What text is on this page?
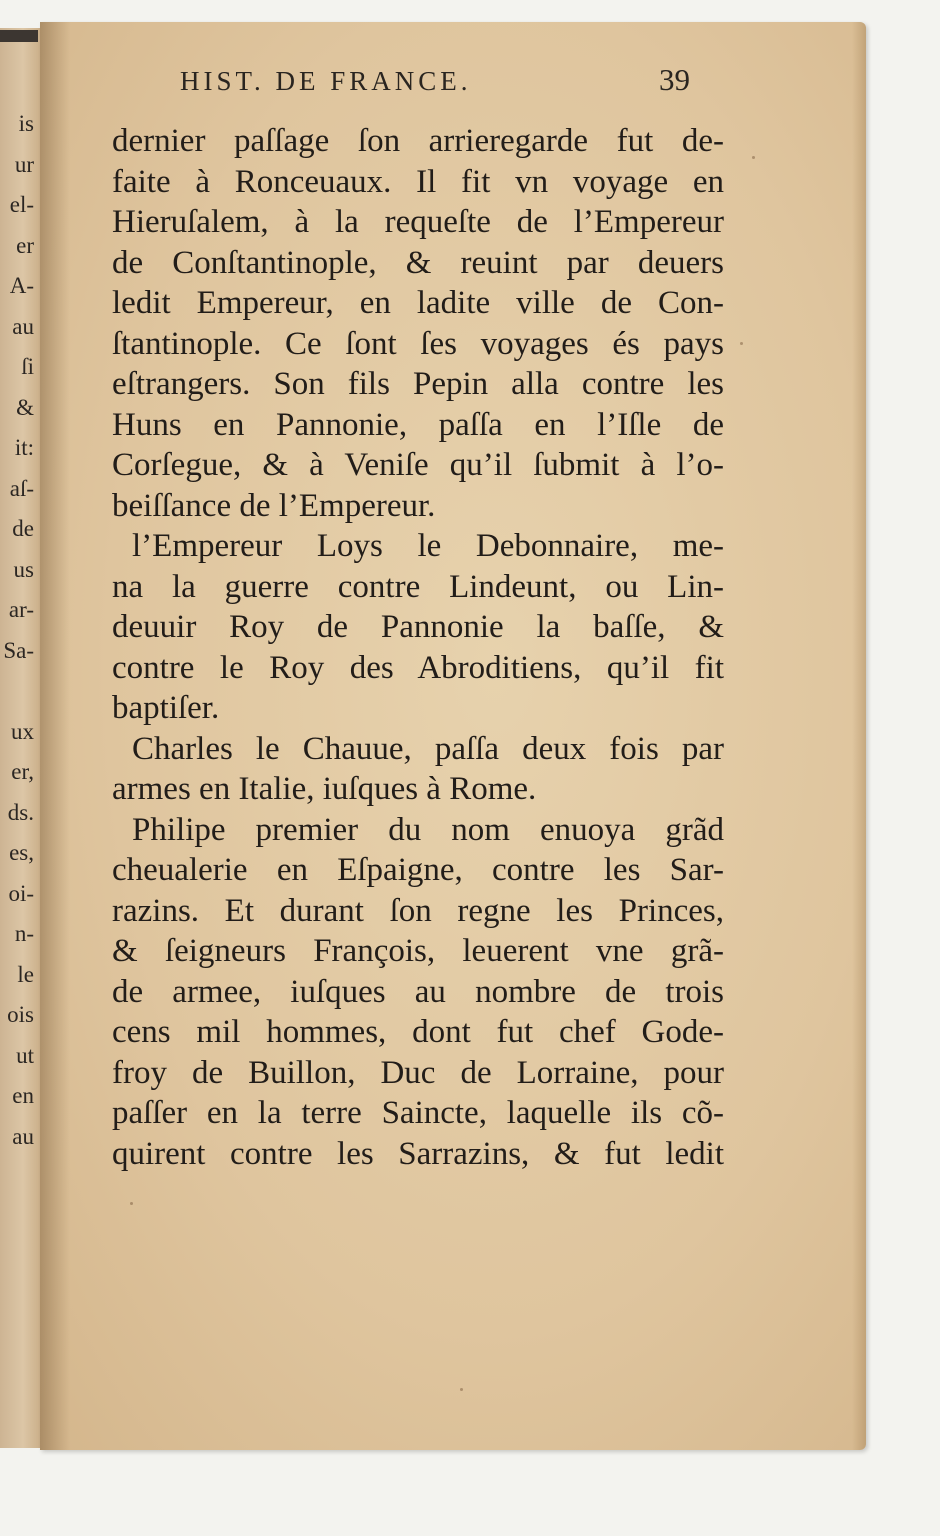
is
ur
el-
er
A-
au
ſi
&
it:
aſ-
de
us
ar-
Sa-
ux
er,
ds.
es,
oi-
n-
le
ois
ut
en
au
HIST. DE FRANCE.	39
dernier paſſage ſon arrieregarde fut de-
faite à Ronceuaux. Il fit vn voyage en
Hieruſalem, à la requeſte de l’Empereur
de Conſtantinople, & reuint par deuers
ledit Empereur, en ladite ville de Con-
ſtantinople. Ce ſont ſes voyages és pays
eſtrangers. Son fils Pepin alla contre les
Huns en Pannonie, paſſa en l’Iſle de
Corſegue, & à Veniſe qu’il ſubmit à l’o-
beiſſance de l’Empereur.
l’Empereur Loys le Debonnaire, me-
na la guerre contre Lindeunt, ou Lin-
deuuir Roy de Pannonie la baſſe, &
contre le Roy des Abroditiens, qu’il fit
baptiſer.
Charles le Chauue, paſſa deux fois par
armes en Italie, iuſques à Rome.
Philipe premier du nom enuoya grãd
cheualerie en Eſpaigne, contre les Sar-
razins. Et durant ſon regne les Princes,
& ſeigneurs François, leuerent vne grã-
de armee, iuſques au nombre de trois
cens mil hommes, dont fut chef Gode-
froy de Buillon, Duc de Lorraine, pour
paſſer en la terre Saincte, laquelle ils cõ-
quirent contre les Sarrazins, & fut ledit
